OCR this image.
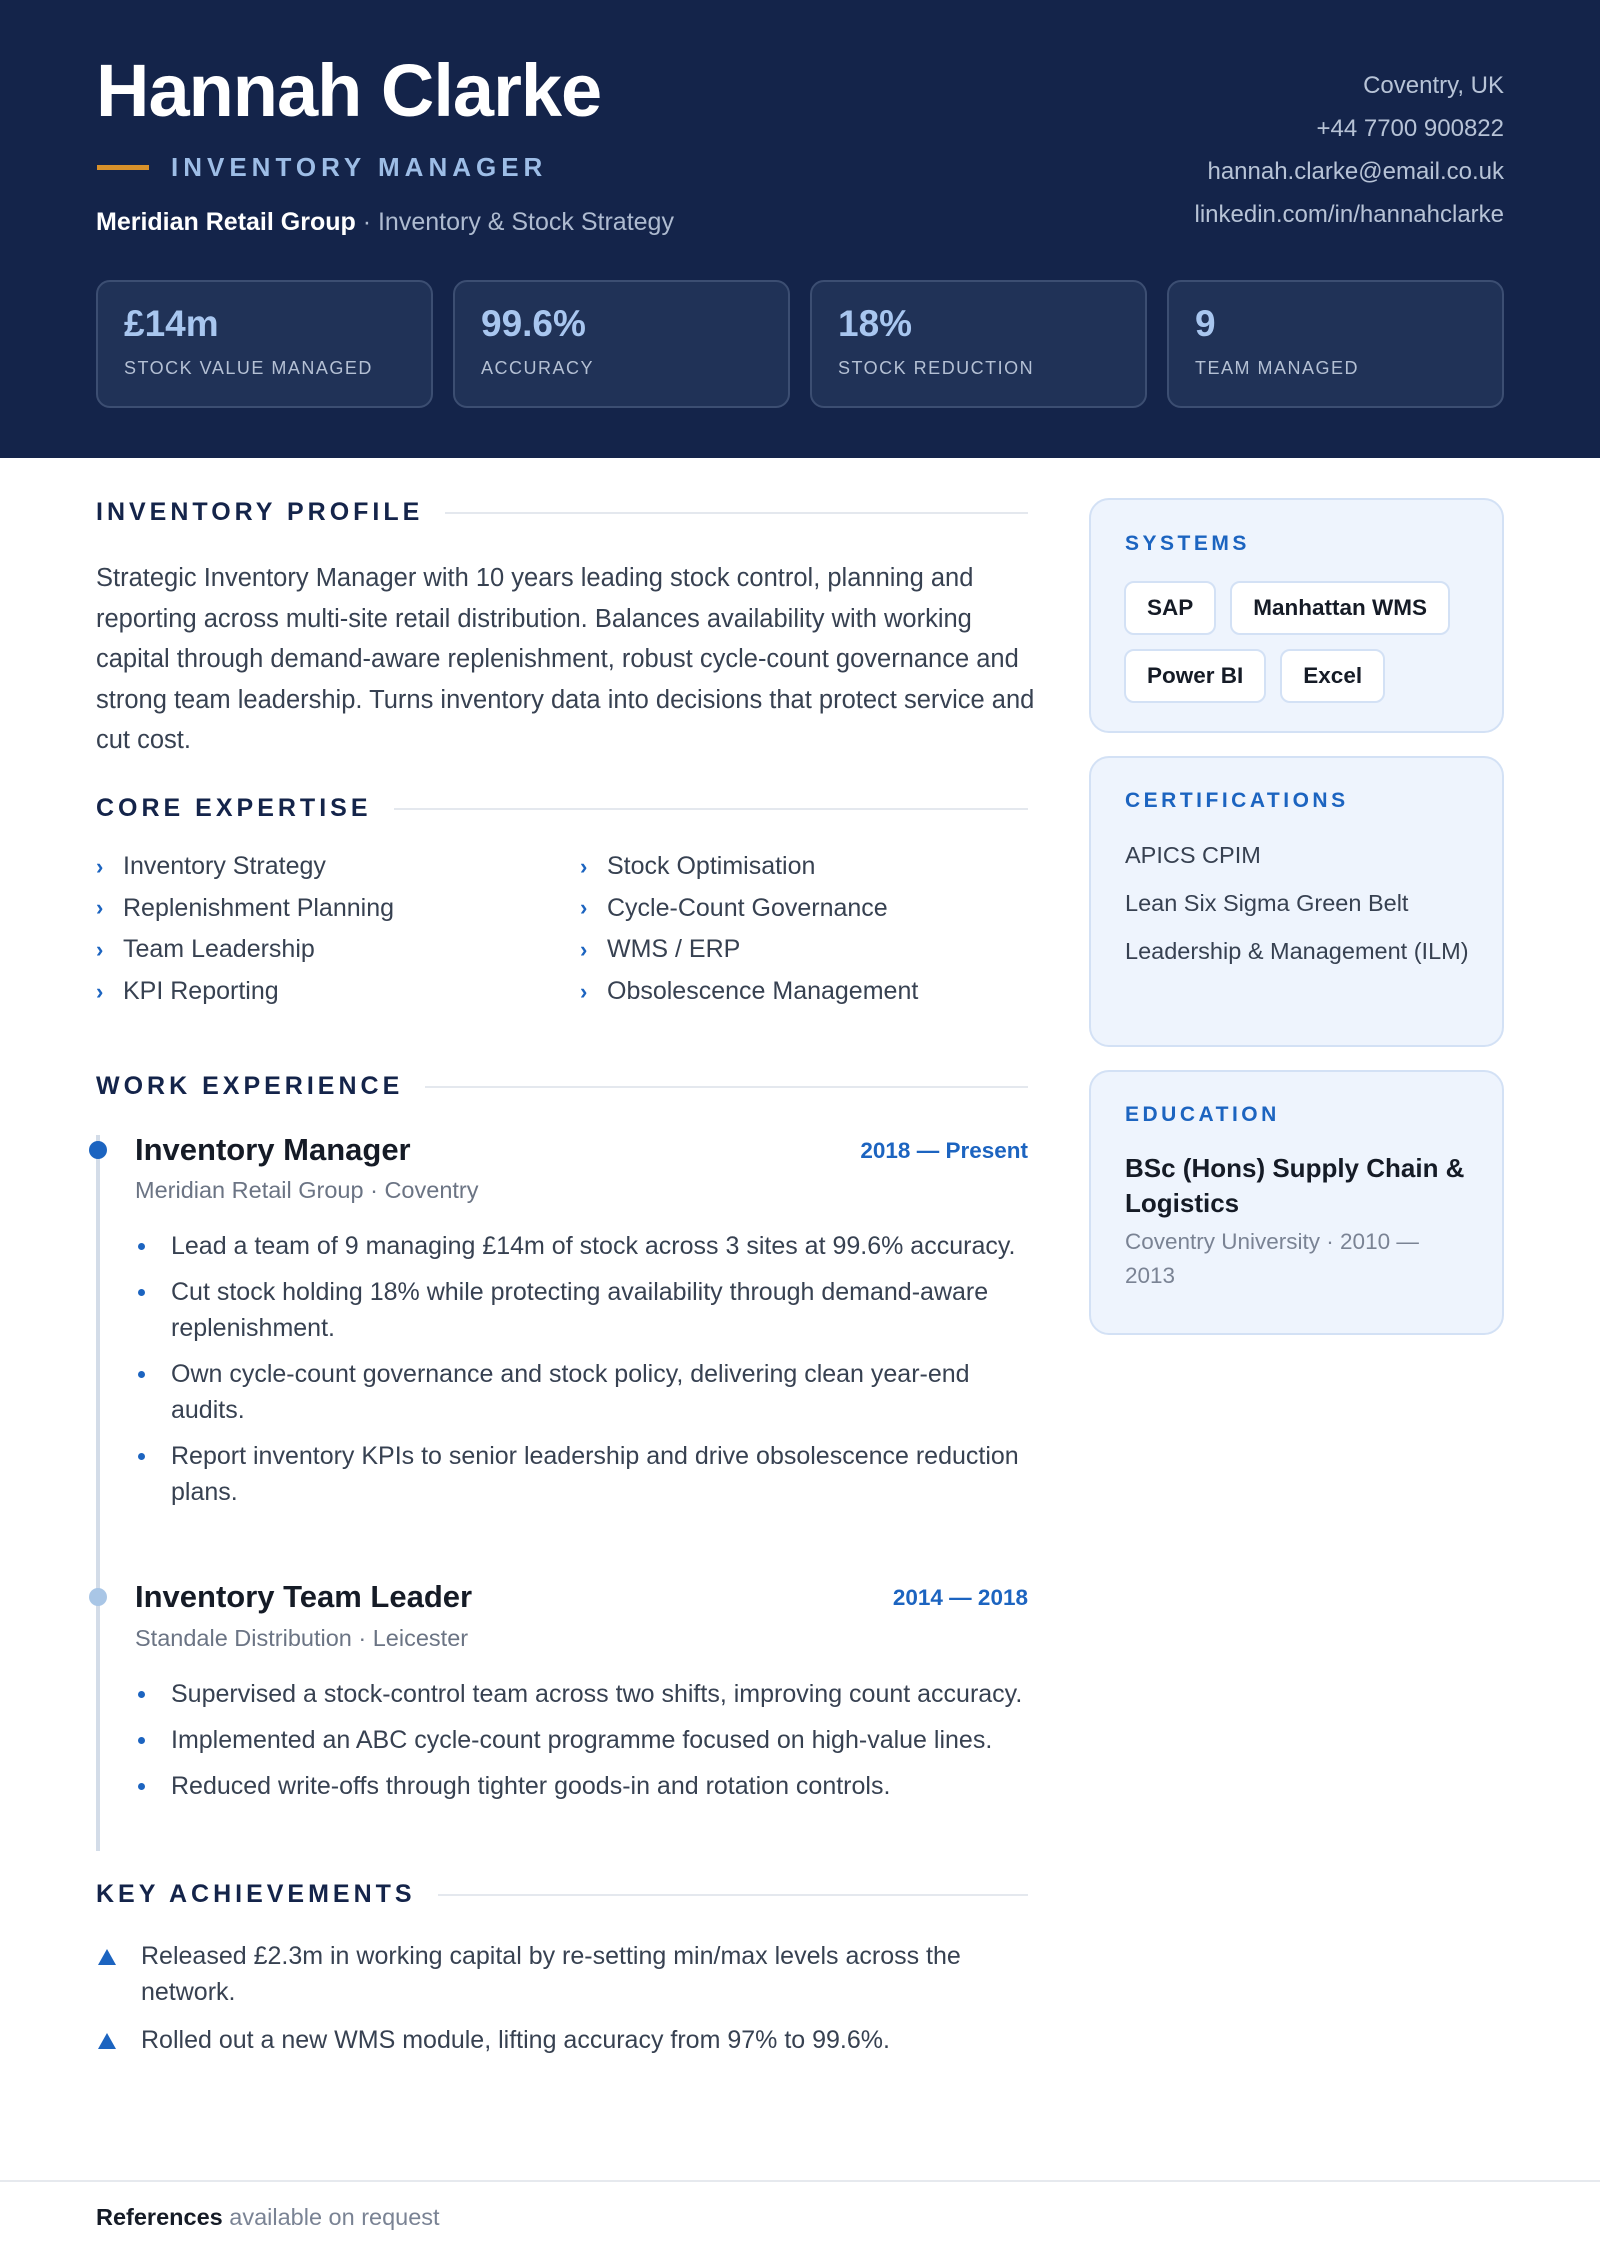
Hannah Clarke
INVENTORY MANAGER
Meridian Retail Group · Inventory & Stock Strategy
Coventry, UK
+44 7700 900822
hannah.clarke@email.co.uk
linkedin.com/in/hannahclarke
£14m
STOCK VALUE MANAGED
99.6%
ACCURACY
18%
STOCK REDUCTION
9
TEAM MANAGED
INVENTORY PROFILE
Strategic Inventory Manager with 10 years leading stock control, planning and reporting across multi-site retail distribution. Balances availability with working capital through demand-aware replenishment, robust cycle-count governance and strong team leadership. Turns inventory data into decisions that protect service and cut cost.
CORE EXPERTISE
› Inventory Strategy	› Stock Optimisation
› Replenishment Planning	› Cycle-Count Governance
› Team Leadership	› WMS / ERP
› KPI Reporting	› Obsolescence Management
WORK EXPERIENCE
Inventory Manager	2018 — Present
Meridian Retail Group · Coventry
Lead a team of 9 managing £14m of stock across 3 sites at 99.6% accuracy.
Cut stock holding 18% while protecting availability through demand-aware replenishment.
Own cycle-count governance and stock policy, delivering clean year-end audits.
Report inventory KPIs to senior leadership and drive obsolescence reduction plans.
Inventory Team Leader	2014 — 2018
Standale Distribution · Leicester
Supervised a stock-control team across two shifts, improving count accuracy.
Implemented an ABC cycle-count programme focused on high-value lines.
Reduced write-offs through tighter goods-in and rotation controls.
KEY ACHIEVEMENTS
Released £2.3m in working capital by re-setting min/max levels across the network.
Rolled out a new WMS module, lifting accuracy from 97% to 99.6%.
SYSTEMS
SAP	Manhattan WMS
Power BI	Excel
CERTIFICATIONS
APICS CPIM
Lean Six Sigma Green Belt
Leadership & Management (ILM)
EDUCATION
BSc (Hons) Supply Chain & Logistics
Coventry University · 2010 — 2013
References available on request
